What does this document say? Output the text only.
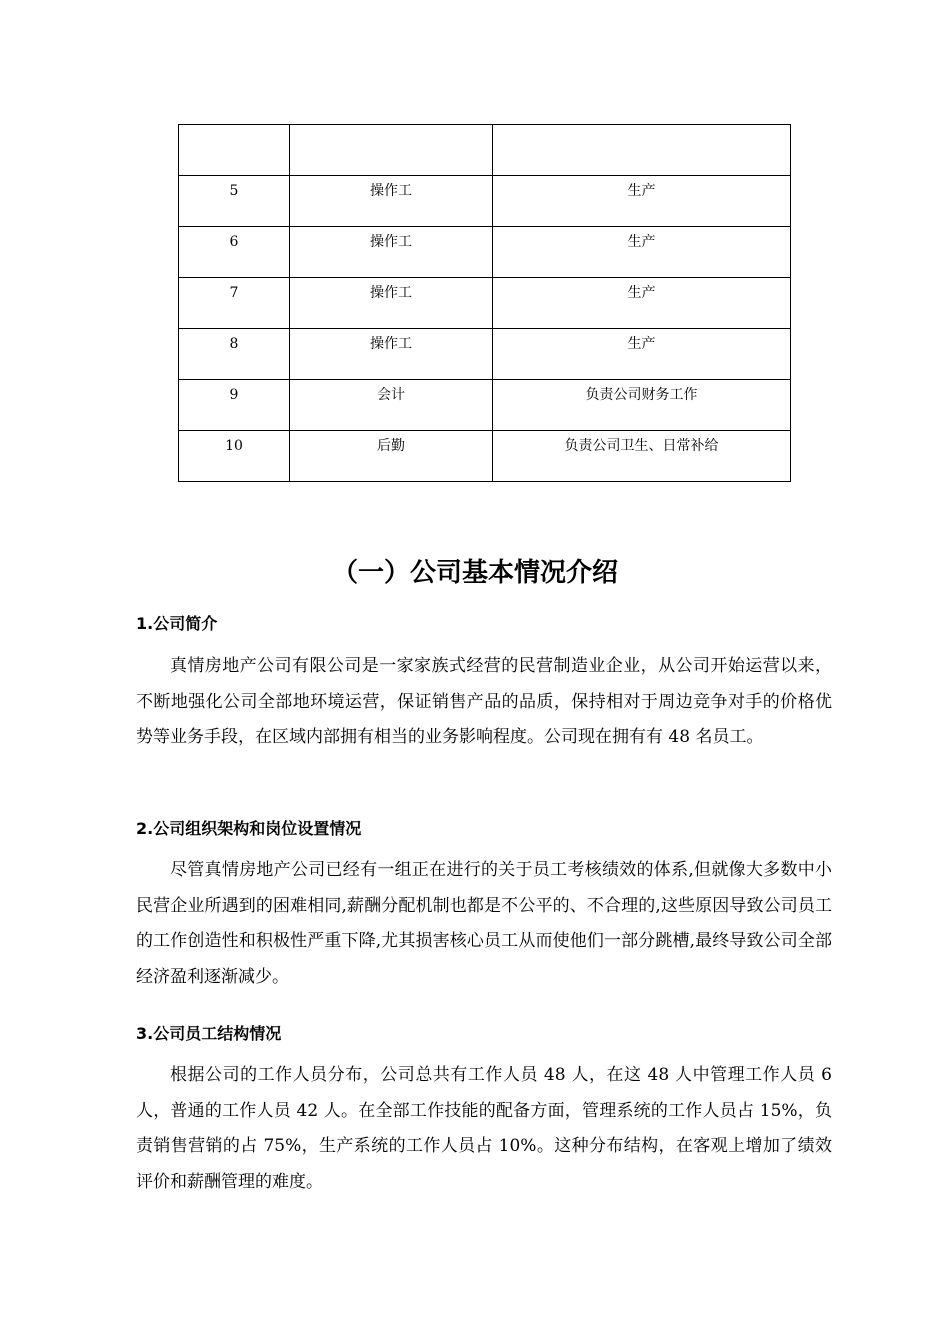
5	操作工	生产
6	操作工	生产
7	操作工	生产
8	操作工	生产
9	会计	负责公司财务工作
10	后勤	负责公司卫生、日常补给
（一）公司基本情况介绍
1.公司简介

真情房地产公司有限公司是一家家族式经营的民营制造业企业，从公司开始运营以来，不断地强化公司全部地环境运营，保证销售产品的品质，保持相对于周边竞争对手的价格优势等业务手段，在区域内部拥有相当的业务影响程度。公司现在拥有有 48 名员工。

2.公司组织架构和岗位设置情况

尽管真情房地产公司已经有一组正在进行的关于员工考核绩效的体系,但就像大多数中小民营企业所遇到的困难相同,薪酬分配机制也都是不公平的、不合理的,这些原因导致公司员工的工作创造性和积极性严重下降,尤其损害核心员工从而使他们一部分跳槽,最终导致公司全部经济盈利逐渐减少。

3.公司员工结构情况

根据公司的工作人员分布，公司总共有工作人员 48 人，在这 48 人中管理工作人员 6 人，普通的工作人员 42 人。在全部工作技能的配备方面，管理系统的工作人员占 15%，负责销售营销的占 75%，生产系统的工作人员占 10%。这种分布结构，在客观上增加了绩效评价和薪酬管理的难度。
